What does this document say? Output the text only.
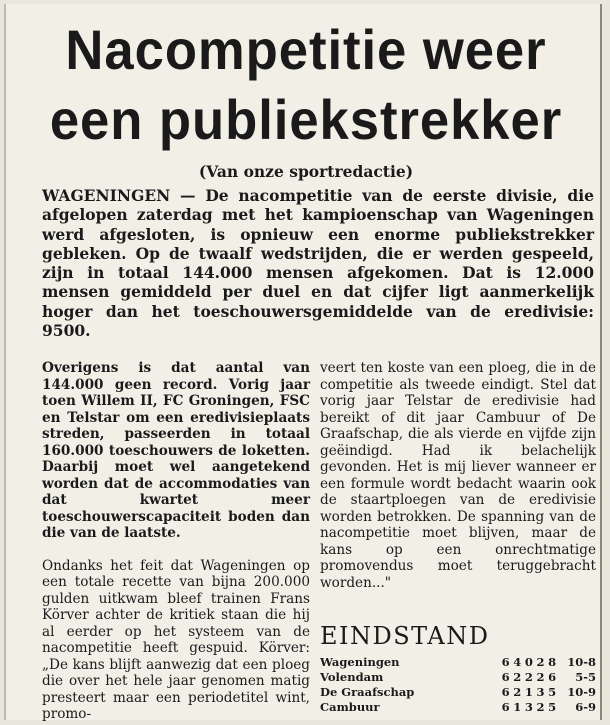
Nacompetitie weer
een publiekstrekker
(Van onze sportredactie)
WAGENINGEN — De nacompetitie van de eerste divisie, die afgelopen zaterdag met het kampioenschap van Wageningen werd afgesloten, is opnieuw een enorme publiekstrekker gebleken. Op de twaalf wedstrijden, die er werden gespeeld, zijn in totaal 144.000 mensen afgekomen. Dat is 12.000 mensen gemiddeld per duel en dat cijfer ligt aanmerkelijk hoger dan het toeschouwersgemiddelde van de eredivisie: 9500.

Overigens is dat aantal van 144.000 geen record. Vorig jaar toen Willem II, FC Groningen, FSC en Telstar om een eredivisieplaats streden, passeerden in totaal 160.000 toeschouwers de loketten. Daarbij moet wel aangetekend worden dat de accommodaties van dat kwartet meer toeschouwerscapaciteit boden dan die van de laatste.

Ondanks het feit dat Wageningen op een totale recette van bijna 200.000 gulden uitkwam bleef trainen Frans Körver achter de kritiek staan die hij al eerder op het systeem van de nacompetitie heeft gespuid. Körver: „De kans blijft aanwezig dat een ploeg die over het hele jaar genomen matig presteert maar een periodetitel wint, promo-

veert ten koste van een ploeg, die in de competitie als tweede eindigt. Stel dat vorig jaar Telstar de eredivisie had bereikt of dit jaar Cambuur of De Graafschap, die als vierde en vijfde zijn geëindigd. Had ik belachelijk gevonden. Het is mij liever wanneer er een formule wordt bedacht waarin ook de staartploegen van de eredivisie worden betrokken. De spanning van de nacompetitie moet blijven, maar de kans op een onrechtmatige promovendus moet teruggebracht worden..."

EINDSTAND
Wageningen	6	4	0	2	8	10-8
Volendam	6	2	2	2	6	5-5
De Graafschap	6	2	1	3	5	10-9
Cambuur	6	1	3	2	5	6-9
